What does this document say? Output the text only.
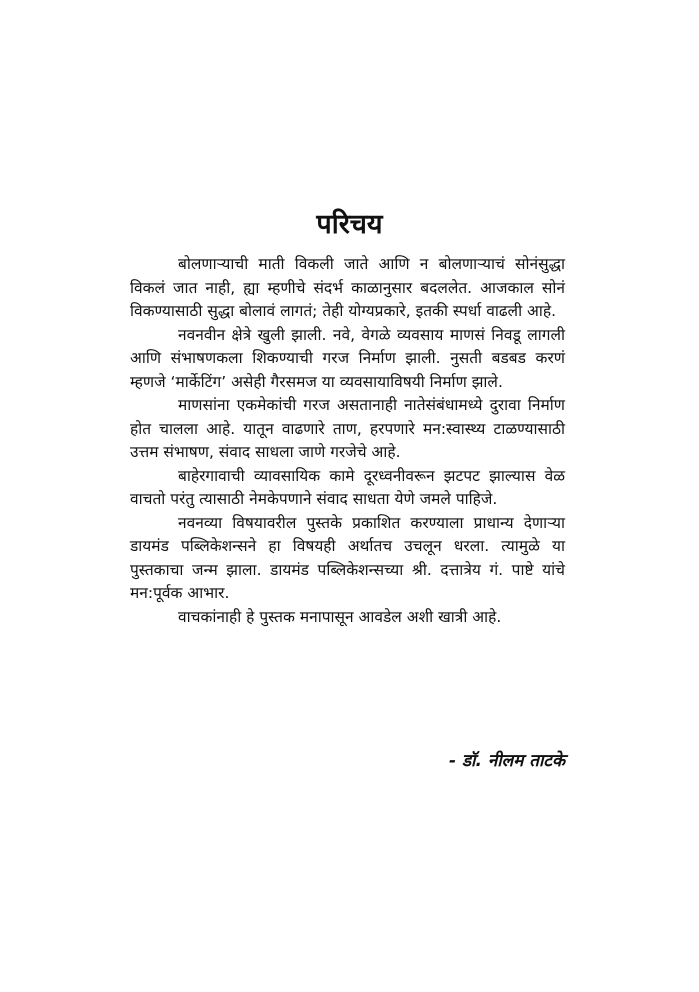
परिचय

बोलणाऱ्याची माती विकली जाते आणि न बोलणाऱ्याचं सोनंसुद्धा विकलं जात नाही, ह्या म्हणीचे संदर्भ काळानुसार बदललेत. आजकाल सोनं विकण्यासाठी सुद्धा बोलावं लागतं; तेही योग्यप्रकारे, इतकी स्पर्धा वाढली आहे.

नवनवीन क्षेत्रे खुली झाली. नवे, वेगळे व्यवसाय माणसं निवडू लागली आणि संभाषणकला शिकण्याची गरज निर्माण झाली. नुसती बडबड करणं म्हणजे ‘मार्केटिंग’ असेही गैरसमज या व्यवसायाविषयी निर्माण झाले.

माणसांना एकमेकांची गरज असतानाही नातेसंबंधामध्ये दुरावा निर्माण होत चालला आहे. यातून वाढणारे ताण, हरपणारे मन:स्वास्थ्य टाळण्यासाठी उत्तम संभाषण, संवाद साधला जाणे गरजेचे आहे.

बाहेरगावाची व्यावसायिक कामे दूरध्वनीवरून झटपट झाल्यास वेळ वाचतो परंतु त्यासाठी नेमकेपणाने संवाद साधता येणे जमले पाहिजे.

नवनव्या विषयावरील पुस्तके प्रकाशित करण्याला प्राधान्य देणाऱ्या डायमंड पब्लिकेशन्सने हा विषयही अर्थातच उचलून धरला. त्यामुळे या पुस्तकाचा जन्म झाला. डायमंड पब्लिकेशन्सच्या श्री. दत्तात्रेय गं. पाष्टे यांचे मन:पूर्वक आभार.

वाचकांनाही हे पुस्तक मनापासून आवडेल अशी खात्री आहे.

- डॉ. नीलम ताटके
